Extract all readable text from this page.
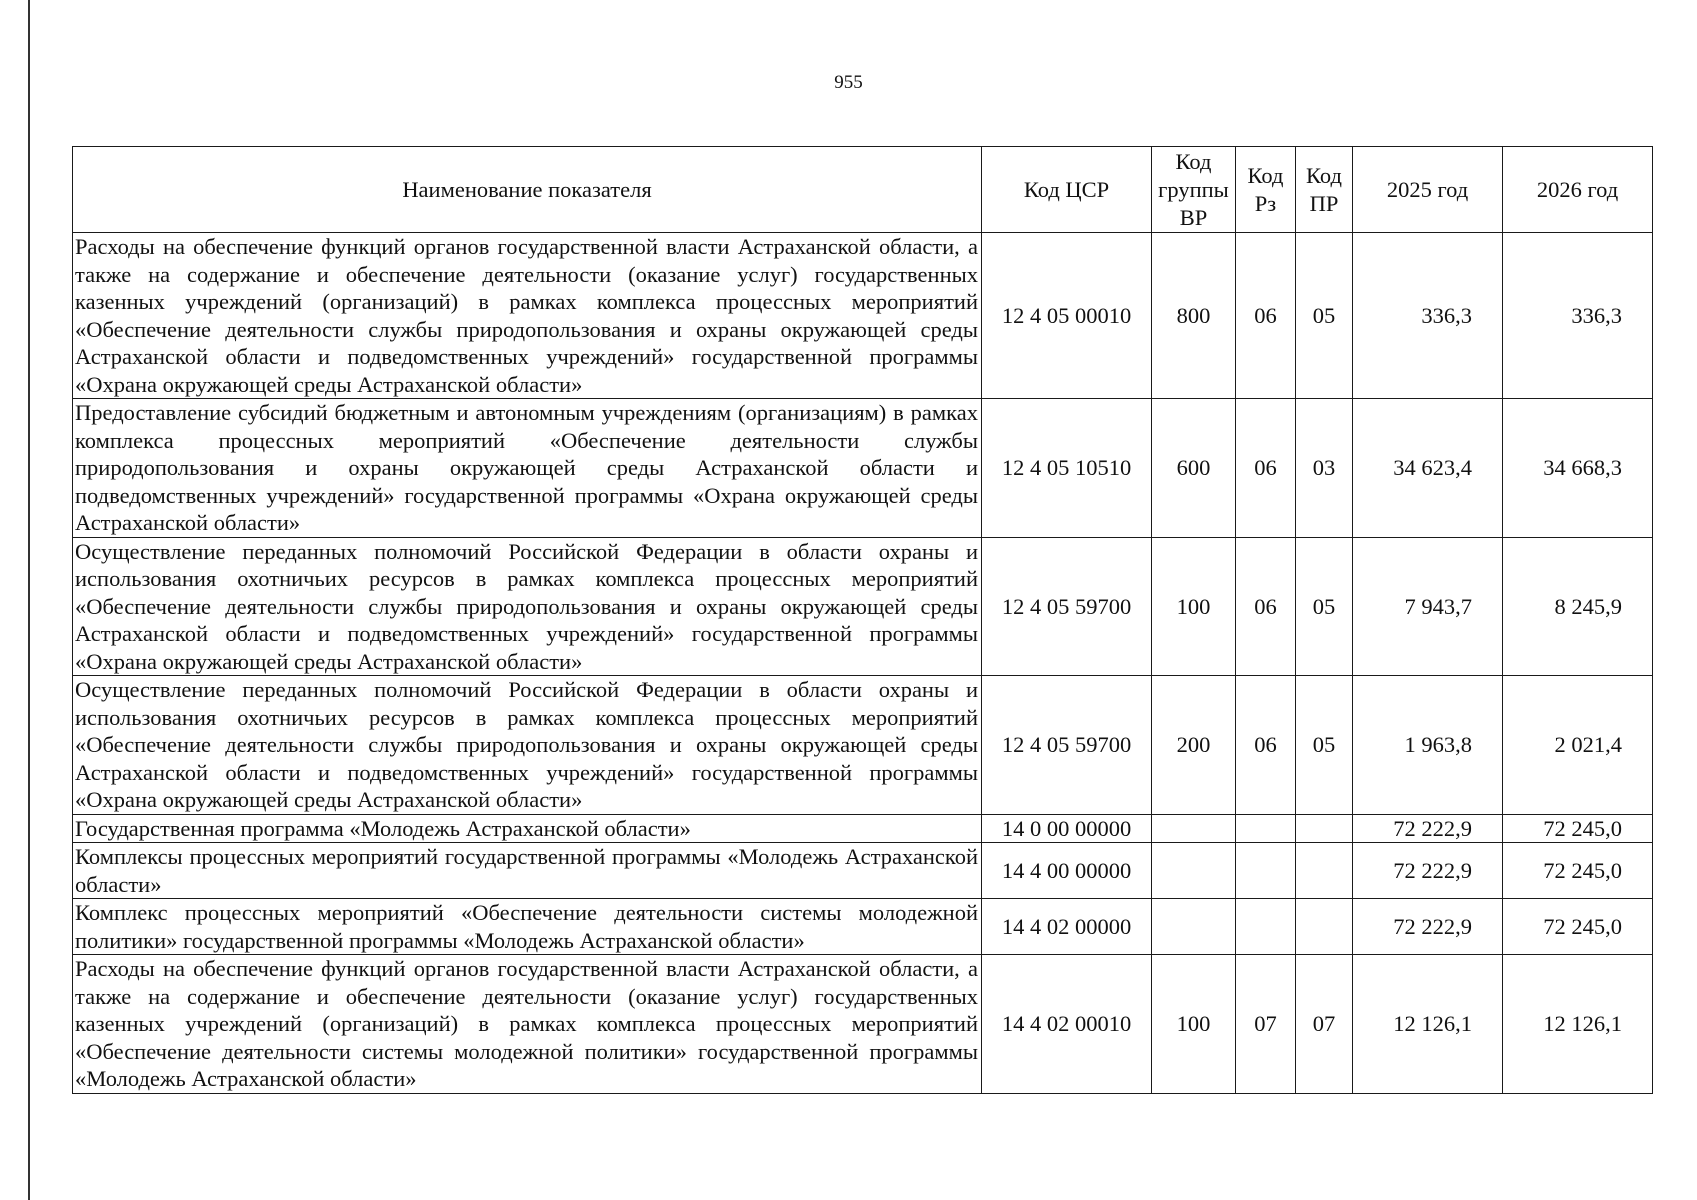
955
Наименование показателя	Код ЦСР	Код группы ВР	Код Рз	Код ПР	2025 год	2026 год
Расходы на обеспечение функций органов государственной власти Астраханской области, а также на содержание и обеспечение деятельности (оказание услуг) государственных казенных учреждений (организаций) в рамках комплекса процессных мероприятий «Обеспечение деятельности службы природопользования и охраны окружающей среды Астраханской области и подведомственных учреждений» государственной программы «Охрана окружающей среды Астраханской области»	12 4 05 00010	800	06	05	336,3	336,3
Предоставление субсидий бюджетным и автономным учреждениям (организациям) в рамках комплекса процессных мероприятий «Обеспечение деятельности службы природопользования и охраны окружающей среды Астраханской области и подведомственных учреждений» государственной программы «Охрана окружающей среды Астраханской области»	12 4 05 10510	600	06	03	34 623,4	34 668,3
Осуществление переданных полномочий Российской Федерации в области охраны и использования охотничьих ресурсов в рамках комплекса процессных мероприятий «Обеспечение деятельности службы природопользования и охраны окружающей среды Астраханской области и подведомственных учреждений» государственной программы «Охрана окружающей среды Астраханской области»	12 4 05 59700	100	06	05	7 943,7	8 245,9
Осуществление переданных полномочий Российской Федерации в области охраны и использования охотничьих ресурсов в рамках комплекса процессных мероприятий «Обеспечение деятельности службы природопользования и охраны окружающей среды Астраханской области и подведомственных учреждений» государственной программы «Охрана окружающей среды Астраханской области»	12 4 05 59700	200	06	05	1 963,8	2 021,4
Государственная программа «Молодежь Астраханской области»	14 0 00 00000				72 222,9	72 245,0
Комплексы процессных мероприятий государственной программы «Молодежь Астраханской области»	14 4 00 00000				72 222,9	72 245,0
Комплекс процессных мероприятий «Обеспечение деятельности системы молодежной политики» государственной программы «Молодежь Астраханской области»	14 4 02 00000				72 222,9	72 245,0
Расходы на обеспечение функций органов государственной власти Астраханской области, а также на содержание и обеспечение деятельности (оказание услуг) государственных казенных учреждений (организаций) в рамках комплекса процессных мероприятий «Обеспечение деятельности системы молодежной политики» государственной программы «Молодежь Астраханской области»	14 4 02 00010	100	07	07	12 126,1	12 126,1
